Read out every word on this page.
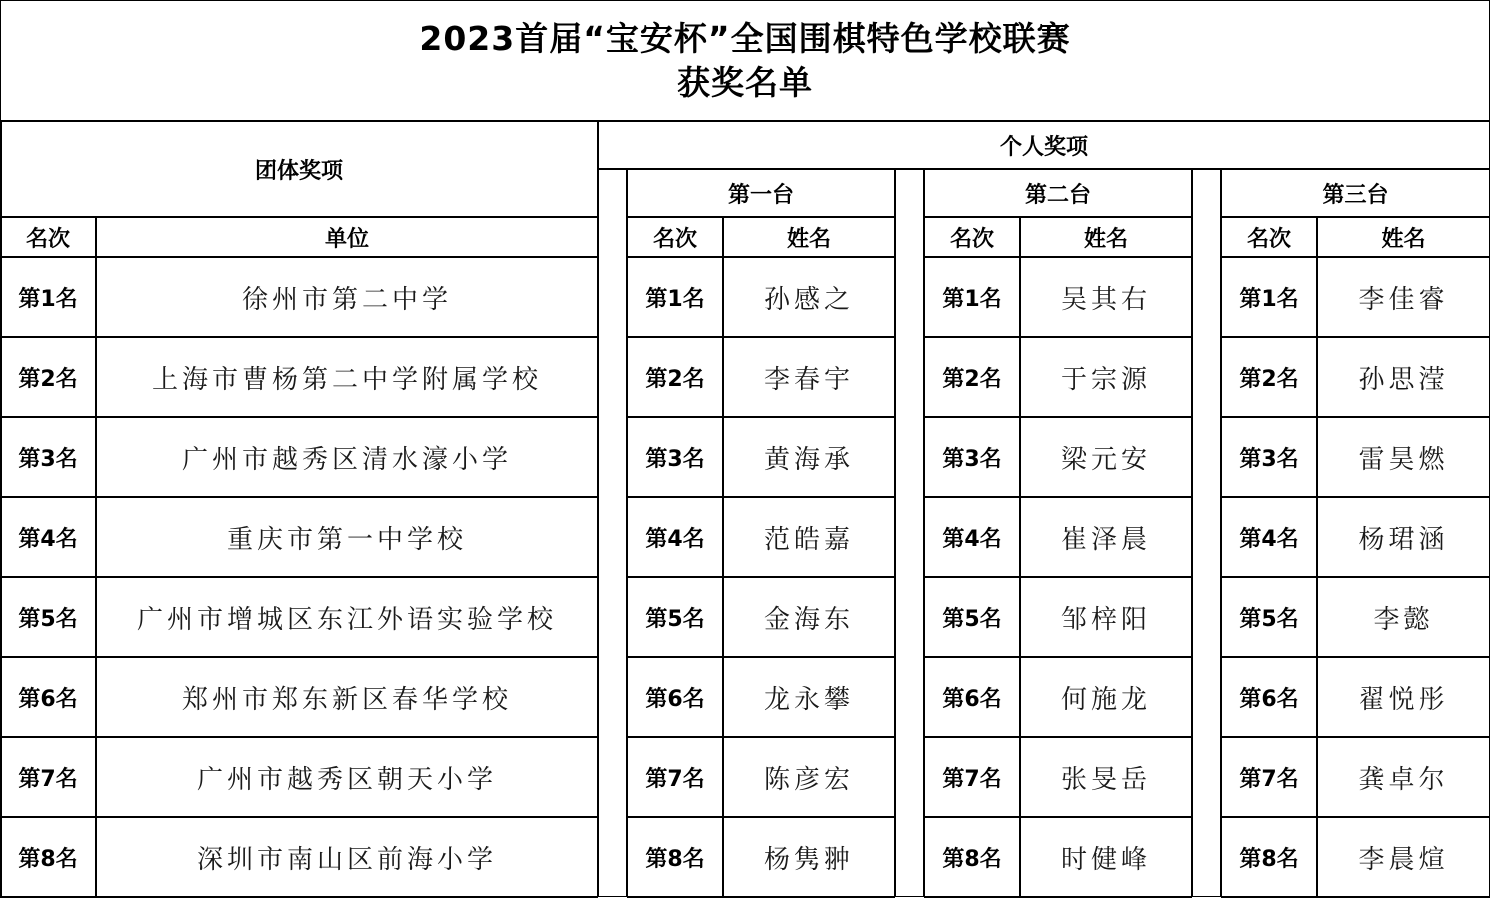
2023首届“宝安杯”全国围棋特色学校联赛
获奖名单
团体奖项
个人奖项
第一台	第二台	第三台
名次	单位	名次	姓名	名次	姓名	名次	姓名
第1名	徐州市第二中学	第1名	孙感之	第1名	吴其右	第1名	李佳睿
第2名	上海市曹杨第二中学附属学校	第2名	李春宇	第2名	于宗源	第2名	孙思滢
第3名	广州市越秀区清水濠小学	第3名	黄海承	第3名	梁元安	第3名	雷昊燃
第4名	重庆市第一中学校	第4名	范皓嘉	第4名	崔泽晨	第4名	杨珺涵
第5名	广州市增城区东江外语实验学校	第5名	金海东	第5名	邹梓阳	第5名	李懿
第6名	郑州市郑东新区春华学校	第6名	龙永攀	第6名	何施龙	第6名	翟悦彤
第7名	广州市越秀区朝天小学	第7名	陈彦宏	第7名	张旻岳	第7名	龚卓尔
第8名	深圳市南山区前海小学	第8名	杨隽翀	第8名	时健峰	第8名	李晨煊
